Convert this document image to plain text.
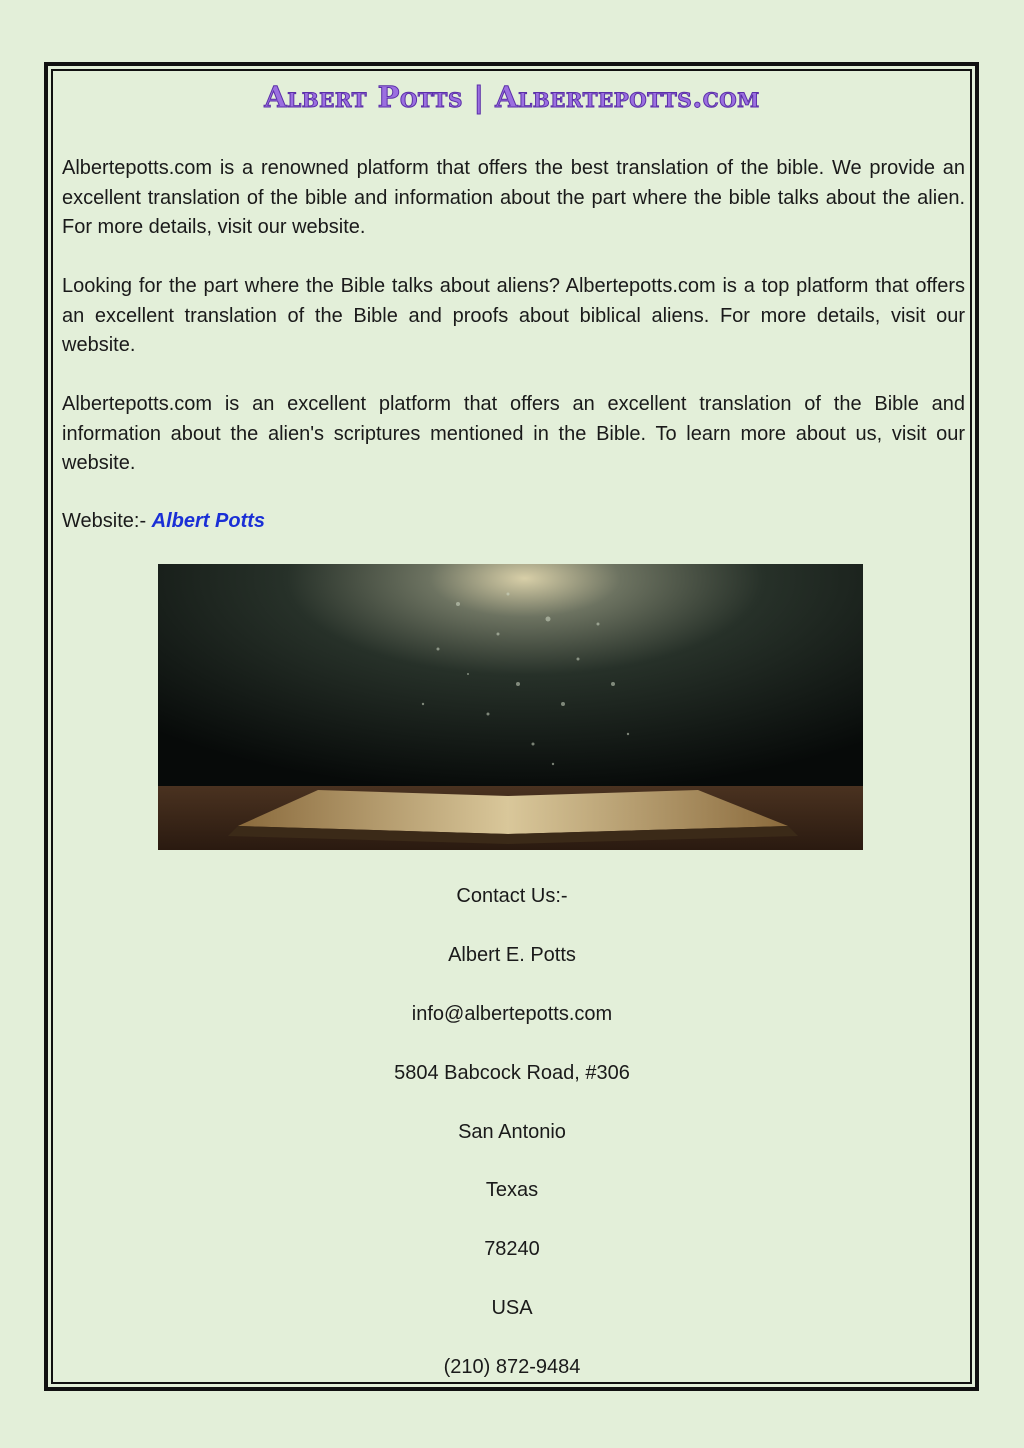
Albert Potts | Albertepotts.com

Albertepotts.com is a renowned platform that offers the best translation of the bible. We provide an excellent translation of the bible and information about the part where the bible talks about the alien. For more details, visit our website.

Looking for the part where the Bible talks about aliens? Albertepotts.com is a top platform that offers an excellent translation of the Bible and proofs about biblical aliens. For more details, visit our website.

Albertepotts.com is an excellent platform that offers an excellent translation of the Bible and information about the alien's scriptures mentioned in the Bible. To learn more about us, visit our website.

Website:- Albert Potts
Contact Us:-
Albert E. Potts
info@albertepotts.com
5804 Babcock Road, #306
San Antonio
Texas
78240
USA
(210) 872-9484
